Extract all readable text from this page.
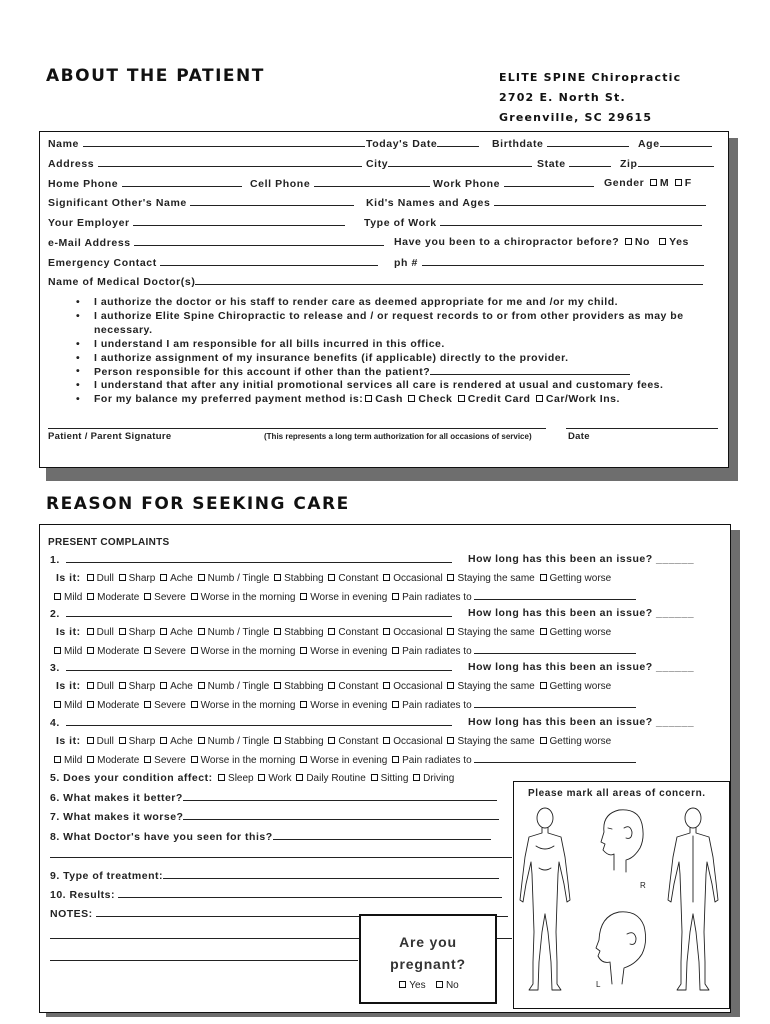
ABOUT THE PATIENT	ELITE SPINE Chiropractic
2702 E. North St.
Greenville, SC 29615
Name	Today's Date	Birthdate	Age
Address	City	State	Zip
Home Phone	Cell Phone	Work Phone	Gender M F
Significant Other's Name	Kid's Names and Ages
Your Employer	Type of Work
e-Mail Address	Have you been to a chiropractor before? No Yes
Emergency Contact	ph #
Name of Medical Doctor(s)
• I authorize the doctor or his staff to render care as deemed appropriate for me and /or my child.
• I authorize Elite Spine Chiropractic to release and / or request records to or from other providers as may be necessary.
• I understand I am responsible for all bills incurred in this office.
• I authorize assignment of my insurance benefits (if applicable) directly to the provider.
• Person responsible for this account if other than the patient?
• I understand that after any initial promotional services all care is rendered at usual and customary fees.
• For my balance my preferred payment method is: Cash Check Credit Card Car/Work Ins.
Patient / Parent Signature	(This represents a long term authorization for all occasions of service)	Date
REASON FOR SEEKING CARE
PRESENT COMPLAINTS
1.	How long has this been an issue? ______
Is it: Dull Sharp Ache Numb / Tingle Stabbing Constant Occasional Staying the same Getting worse
Mild Moderate Severe Worse in the morning Worse in evening Pain radiates to
2.	How long has this been an issue? ______
Is it: Dull Sharp Ache Numb / Tingle Stabbing Constant Occasional Staying the same Getting worse
Mild Moderate Severe Worse in the morning Worse in evening Pain radiates to
3.	How long has this been an issue? ______
Is it: Dull Sharp Ache Numb / Tingle Stabbing Constant Occasional Staying the same Getting worse
Mild Moderate Severe Worse in the morning Worse in evening Pain radiates to
4.	How long has this been an issue? ______
Is it: Dull Sharp Ache Numb / Tingle Stabbing Constant Occasional Staying the same Getting worse
Mild Moderate Severe Worse in the morning Worse in evening Pain radiates to
5. Does your condition affect: Sleep Work Daily Routine Sitting Driving
6. What makes it better?
7. What makes it worse?
8. What Doctor's have you seen for this?
9. Type of treatment:
10. Results:
NOTES:
Please mark all areas of concern.
R
L
Are you
pregnant?
Yes No
